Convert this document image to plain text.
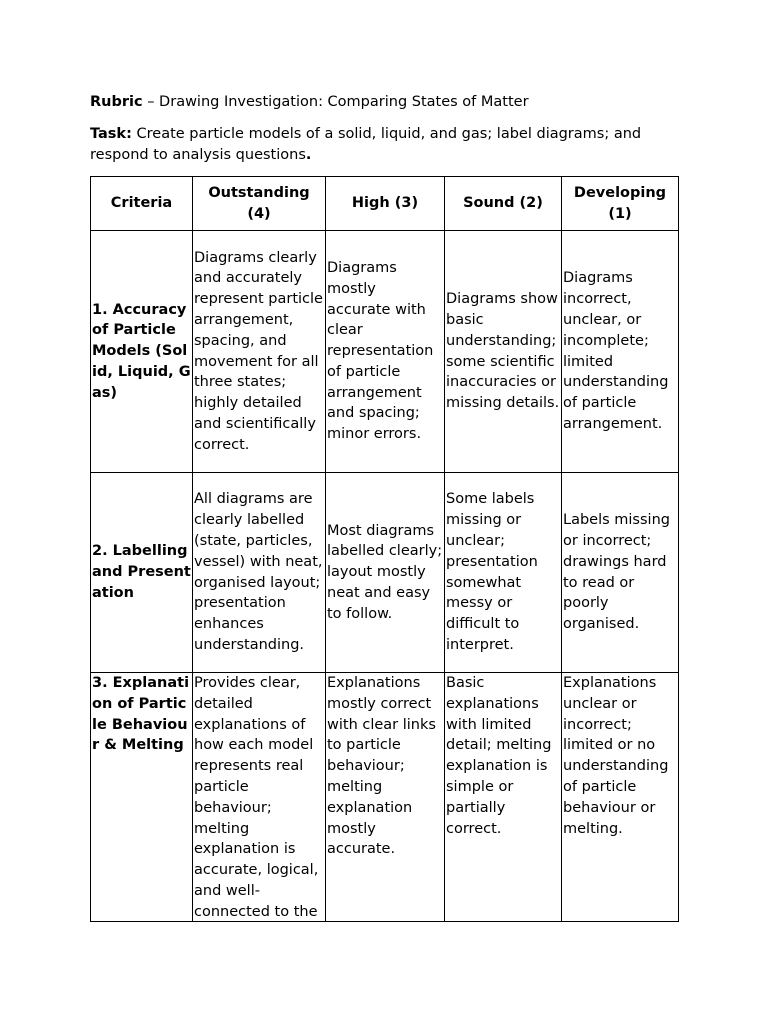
Rubric – Drawing Investigation: Comparing States of Matter

Task: Create particle models of a solid, liquid, and gas; label diagrams; and respond to analysis questions.

Criteria	Outstanding (4)	High (3)	Sound (2)	Developing (1)
1. Accuracy of Particle Models (Solid, Liquid, Gas)	Diagrams clearly and accurately represent particle arrangement, spacing, and movement for all three states; highly detailed and scientifically correct.	Diagrams mostly accurate with clear representation of particle arrangement and spacing; minor errors.	Diagrams show basic understanding; some scientific inaccuracies or missing details.	Diagrams incorrect, unclear, or incomplete; limited understanding of particle arrangement.
2. Labelling and Presentation	All diagrams are clearly labelled (state, particles, vessel) with neat, organised layout; presentation enhances understanding.	Most diagrams labelled clearly; layout mostly neat and easy to follow.	Some labels missing or unclear; presentation somewhat messy or difficult to interpret.	Labels missing or incorrect; drawings hard to read or poorly organised.
3. Explanation of Particle Behaviour & Melting	Provides clear, detailed explanations of how each model represents real particle behaviour; melting explanation is accurate, logical, and well-connected to the	Explanations mostly correct with clear links to particle behaviour; melting explanation mostly accurate.	Basic explanations with limited detail; melting explanation is simple or partially correct.	Explanations unclear or incorrect; limited or no understanding of particle behaviour or melting.
